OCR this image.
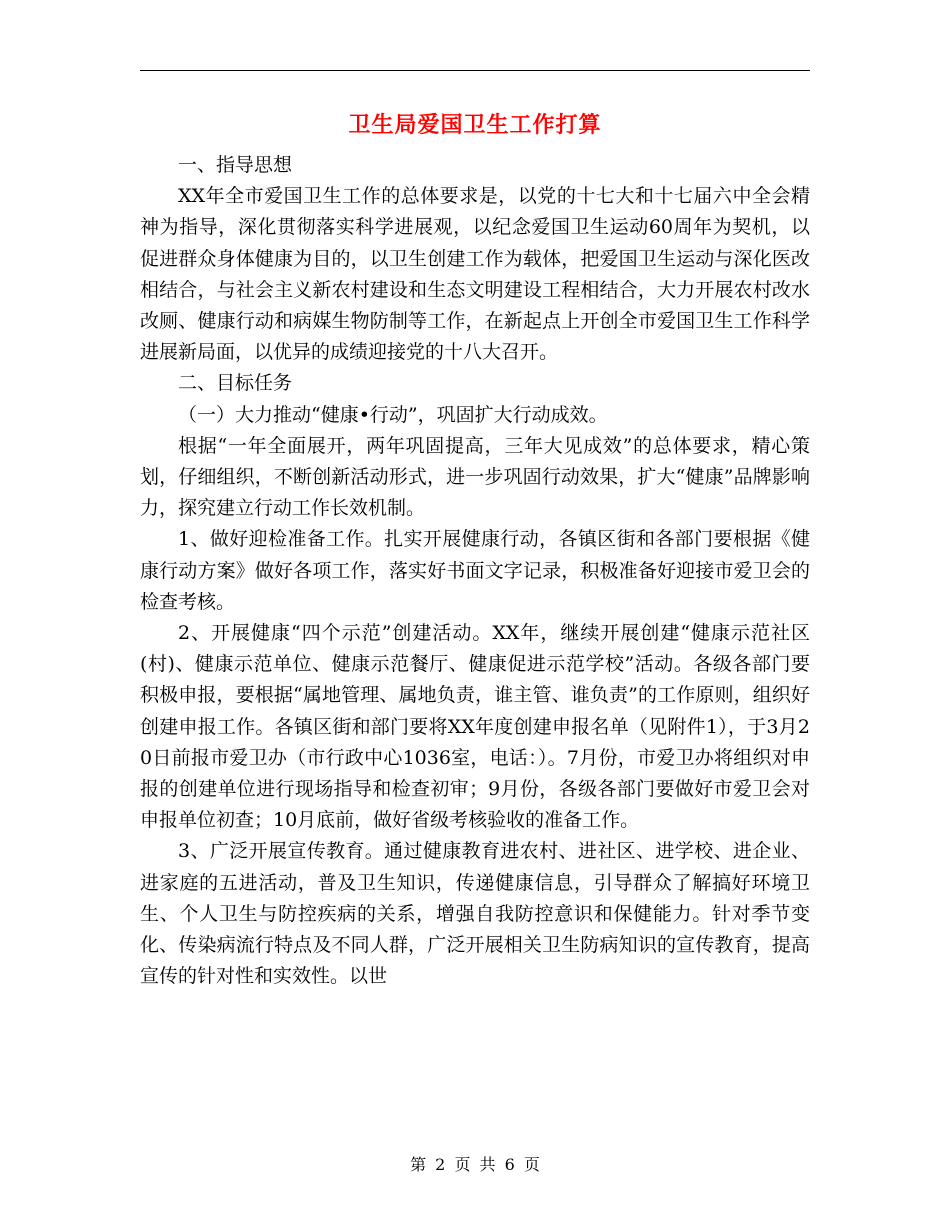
卫生局爱国卫生工作打算

一、指导思想

XX年全市爱国卫生工作的总体要求是，以党的十七大和十七届六中全会精神为指导，深化贯彻落实科学进展观，以纪念爱国卫生运动60周年为契机，以促进群众身体健康为目的，以卫生创建工作为载体，把爱国卫生运动与深化医改相结合，与社会主义新农村建设和生态文明建设工程相结合，大力开展农村改水改厕、健康行动和病媒生物防制等工作，在新起点上开创全市爱国卫生工作科学进展新局面，以优异的成绩迎接党的十八大召开。

二、目标任务

（一）大力推动“健康•行动”，巩固扩大行动成效。

根据“一年全面展开，两年巩固提高，三年大见成效”的总体要求，精心策划，仔细组织，不断创新活动形式，进一步巩固行动效果，扩大“健康”品牌影响力，探究建立行动工作长效机制。

1、做好迎检准备工作。扎实开展健康行动，各镇区街和各部门要根据《健康行动方案》做好各项工作，落实好书面文字记录，积极准备好迎接市爱卫会的检查考核。

2、开展健康“四个示范”创建活动。XX年，继续开展创建“健康示范社区(村)、健康示范单位、健康示范餐厅、健康促进示范学校”活动。各级各部门要积极申报，要根据“属地管理、属地负责，谁主管、谁负责”的工作原则，组织好创建申报工作。各镇区街和部门要将XX年度创建申报名单（见附件1），于3月20日前报市爱卫办（市行政中心1036室，电话：）。7月份，市爱卫办将组织对申报的创建单位进行现场指导和检查初审；9月份，各级各部门要做好市爱卫会对申报单位初查；10月底前，做好省级考核验收的准备工作。

3、广泛开展宣传教育。通过健康教育进农村、进社区、进学校、进企业、进家庭的五进活动，普及卫生知识，传递健康信息，引导群众了解搞好环境卫生、个人卫生与防控疾病的关系，增强自我防控意识和保健能力。针对季节变化、传染病流行特点及不同人群，广泛开展相关卫生防病知识的宣传教育，提高宣传的针对性和实效性。以世

第 2 页 共 6 页
